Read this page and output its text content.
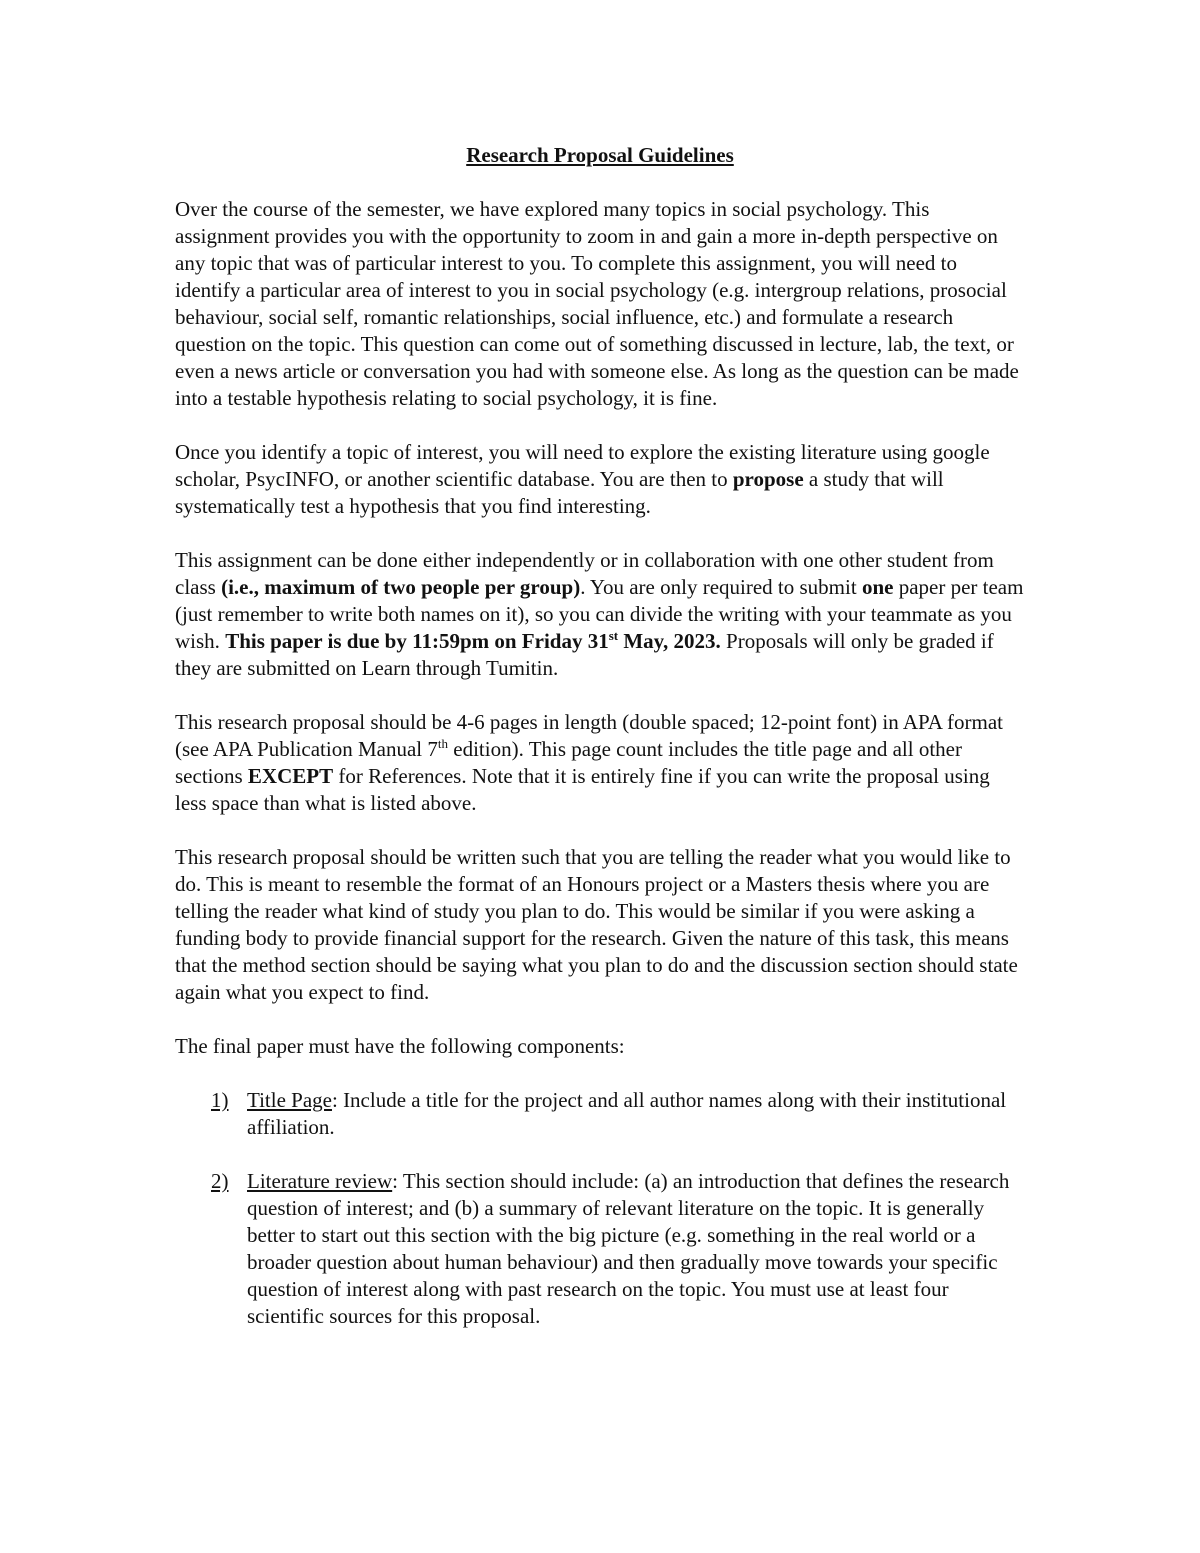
Research Proposal Guidelines

Over the course of the semester, we have explored many topics in social psychology. This assignment provides you with the opportunity to zoom in and gain a more in-depth perspective on any topic that was of particular interest to you. To complete this assignment, you will need to identify a particular area of interest to you in social psychology (e.g. intergroup relations, prosocial behaviour, social self, romantic relationships, social influence, etc.) and formulate a research question on the topic. This question can come out of something discussed in lecture, lab, the text, or even a news article or conversation you had with someone else. As long as the question can be made into a testable hypothesis relating to social psychology, it is fine.

Once you identify a topic of interest, you will need to explore the existing literature using google scholar, PsycINFO, or another scientific database. You are then to propose a study that will systematically test a hypothesis that you find interesting.

This assignment can be done either independently or in collaboration with one other student from class (i.e., maximum of two people per group). You are only required to submit one paper per team (just remember to write both names on it), so you can divide the writing with your teammate as you wish. This paper is due by 11:59pm on Friday 31st May, 2023. Proposals will only be graded if they are submitted on Learn through Tumitin.

This research proposal should be 4-6 pages in length (double spaced; 12-point font) in APA format (see APA Publication Manual 7th edition). This page count includes the title page and all other sections EXCEPT for References. Note that it is entirely fine if you can write the proposal using less space than what is listed above.

This research proposal should be written such that you are telling the reader what you would like to do. This is meant to resemble the format of an Honours project or a Masters thesis where you are telling the reader what kind of study you plan to do. This would be similar if you were asking a funding body to provide financial support for the research. Given the nature of this task, this means that the method section should be saying what you plan to do and the discussion section should state again what you expect to find.

The final paper must have the following components:

1) Title Page: Include a title for the project and all author names along with their institutional affiliation.
2) Literature review: This section should include: (a) an introduction that defines the research question of interest; and (b) a summary of relevant literature on the topic. It is generally better to start out this section with the big picture (e.g. something in the real world or a broader question about human behaviour) and then gradually move towards your specific question of interest along with past research on the topic. You must use at least four scientific sources for this proposal.
